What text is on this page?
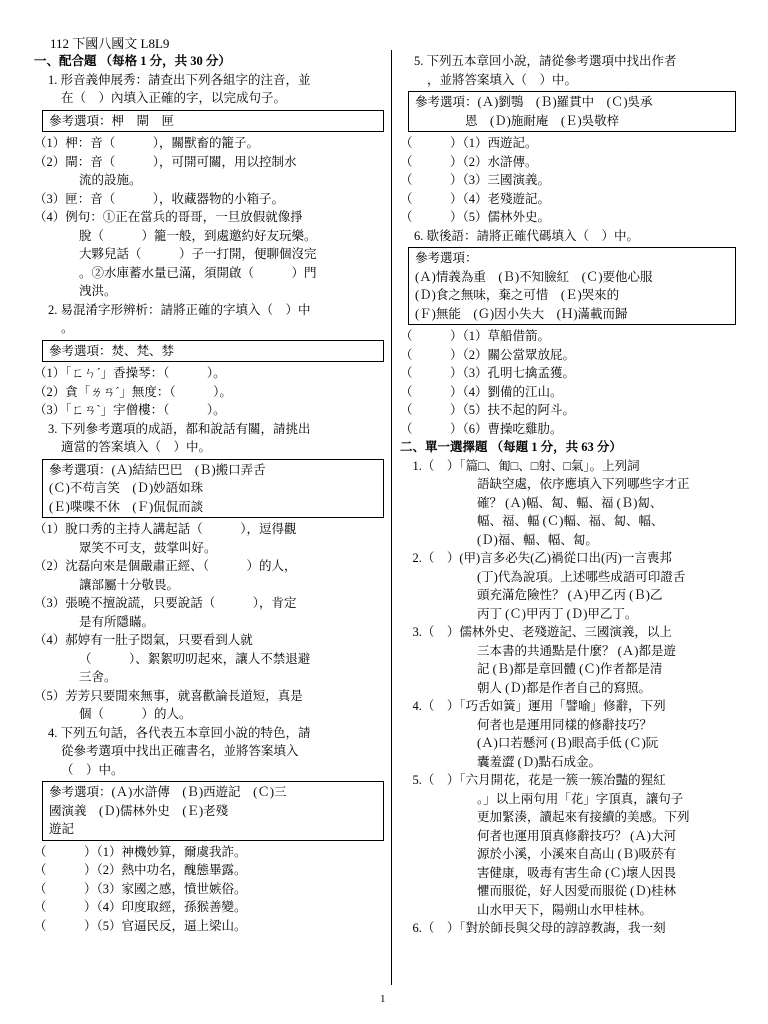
112 下國八國文 L8L9
一、配合題 （每格 1 分，共 30 分）
1. 形音義伸展秀：請查出下列各組字的注音，並
在（　）內填入正確的字，以完成句子。
參考選項：柙　閘　匣
（1）柙：音（　　　），關獸畜的籠子。
（2）閘：音（　　　），可開可關，用以控制水
流的設施。
（3）匣：音（　　　），收藏器物的小箱子。
（4）例句：①正在當兵的哥哥，一旦放假就像掙
脫（　　　）籠一般，到處邀約好友玩樂。
大夥兒話（　　　）子一打開，便聊個沒完
。②水庫蓄水量已滿，須開啟（　　　）門
洩洪。
2. 易混淆字形辨析：請將正確的字填入（　）中
。
參考選項：焚、梵、棼
（1）「ㄈㄣˊ」香操琴：（　　　）。
（2）貪「ㄌㄢˊ」無度：（　　　）。
（3）「ㄈㄢˋ」宇僧樓：（　　　）。
3. 下列參考選項的成語，都和說話有關，請挑出
適當的答案填入（　）中。
參考選項：(Ａ)結結巴巴　(Ｂ)搬口弄舌
(Ｃ)不苟言笑　(Ｄ)妙語如珠
(Ｅ)喋喋不休　(Ｆ)侃侃而談
（1）脫口秀的主持人講起話（　　　），逗得觀
眾笑不可支，鼓掌叫好。
（2）沈磊向來是個嚴肅正經、（　　　）的人，
讓部屬十分敬畏。
（3）張曉不擅說謊，只要說話（　　　），肯定
是有所隱瞞。
（4）郝婷有一肚子悶氣，只要看到人就
（　　　）、絮絮叨叨起來，讓人不禁退避
三舍。
（5）芳芳只要閒來無事，就喜歡論長道短，真是
個（　　　）的人。
4. 下列五句話，各代表五本章回小說的特色，請
從參考選項中找出正確書名，並將答案填入
（　）中。
參考選項：(Ａ)水滸傳　(Ｂ)西遊記　(Ｃ)三
國演義　(Ｄ)儒林外史　(Ｅ)老殘
遊記
（　　　）（1）神機妙算，爾虞我詐。
（　　　）（2）熱中功名，醜態畢露。
（　　　）（3）家國之感，憤世嫉俗。
（　　　）（4）印度取經，孫猴善變。
（　　　）（5）官逼民反，逼上梁山。
5. 下列五本章回小說，請從參考選項中找出作者
，並將答案填入（　）中。
參考選項：(Ａ)劉鶚　(Ｂ)羅貫中　(Ｃ)吳承
　　　　恩　(Ｄ)施耐庵　(Ｅ)吳敬梓
（　　　）（1）西遊記。
（　　　）（2）水滸傳。
（　　　）（3）三國演義。
（　　　）（4）老殘遊記。
（　　　）（5）儒林外史。
6. 歇後語：請將正確代碼填入（　）中。
參考選項：
(Ａ)情義為重　(Ｂ)不知臉紅　(Ｃ)要他心服
(Ｄ)食之無味，棄之可惜　(Ｅ)哭來的
(Ｆ)無能　(Ｇ)因小失大　(Ｈ)滿載而歸
（　　　）（1）草船借箭。
（　　　）（2）關公當眾放屁。
（　　　）（3）孔明七擒孟獲。
（　　　）（4）劉備的江山。
（　　　）（5）扶不起的阿斗。
（　　　）（6）曹操吃雞肋。
二、單一選擇題 （每題 1 分，共 63 分）
　1.（　）「篇□、匍□、□射、□氣」。上列詞
語缺空處，依序應填入下列哪些字才正
確？ (Ａ)幅、匐、輻、福 (Ｂ)匐、
幅、福、輻 (Ｃ)輻、福、匐、幅、
(Ｄ)福、輻、幅、匐。
　2.（　）(甲)言多必失(乙)禍從口出(丙)一言喪邦
(丁)代為說項。上述哪些成語可印證舌
頭充滿危險性？ (Ａ)甲乙丙 (Ｂ)乙
丙丁 (Ｃ)甲丙丁 (Ｄ)甲乙丁。
　3.（　）儒林外史、老殘遊記、三國演義，以上
三本書的共通點是什麼？ (Ａ)都是遊
記 (Ｂ)都是章回體 (Ｃ)作者都是清
朝人 (Ｄ)都是作者自己的寫照。
　4.（　）「巧舌如簧」運用「譬喻」修辭，下列
何者也是運用同樣的修辭技巧？
(Ａ)口若懸河 (Ｂ)眼高手低 (Ｃ)阮
囊羞澀 (Ｄ)點石成金。
　5.（　）「六月開花，花是一簇一簇冶豔的猩紅
。」以上兩句用「花」字頂真，讓句子
更加緊湊，讀起來有接續的美感。下列
何者也運用頂真修辭技巧？ (Ａ)大河
源於小溪，小溪來自高山 (Ｂ)吸菸有
害健康，吸毒有害生命 (Ｃ)壞人因畏
懼而服從，好人因愛而服從 (Ｄ)桂林
山水甲天下，陽朔山水甲桂林。
　6.（　）「對於師長與父母的諄諄教誨，我一刻
1
